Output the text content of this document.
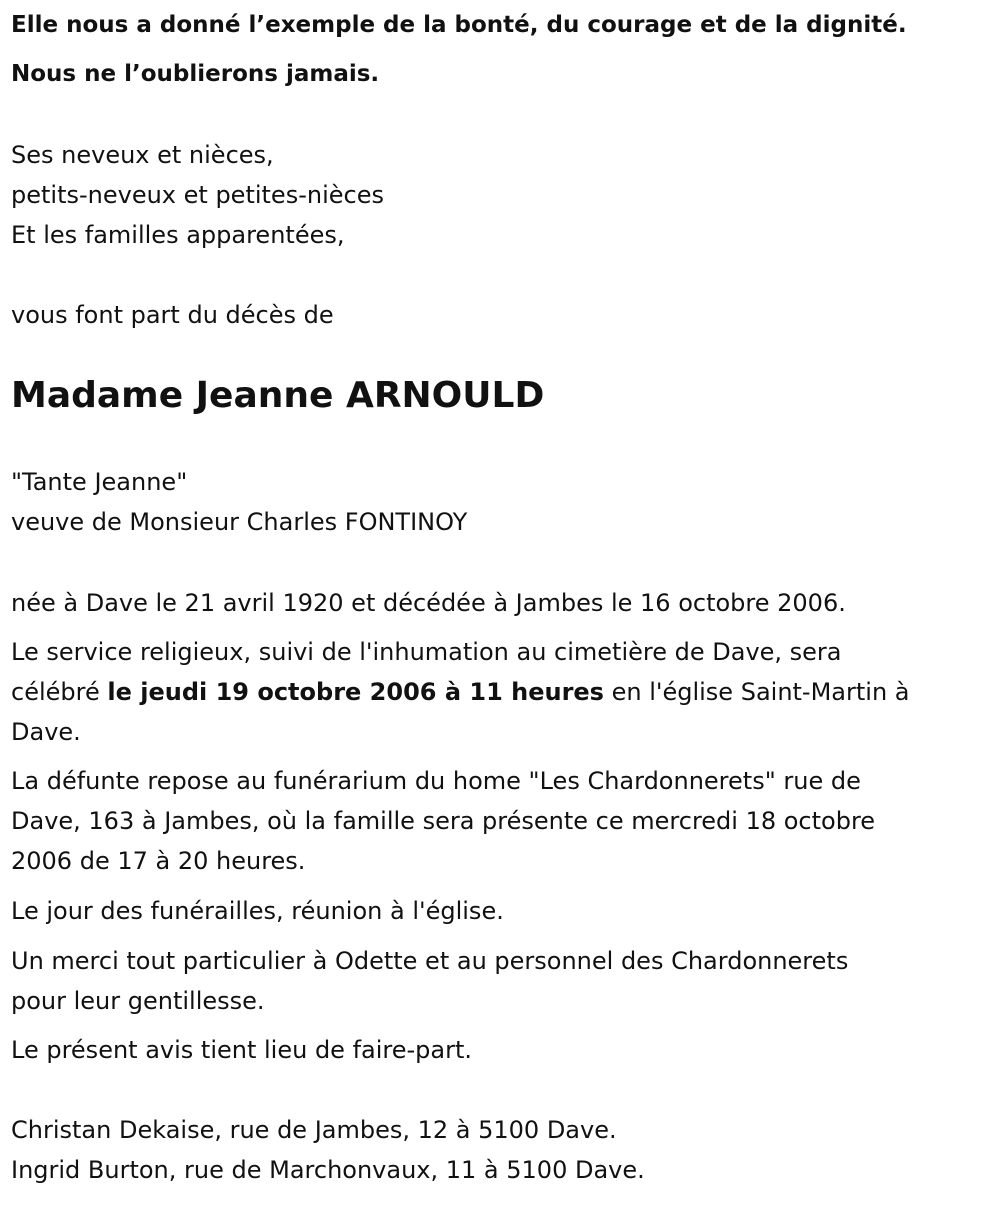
Elle nous a donné l’exemple de la bonté, du courage et de la dignité.

Nous ne l’oublierons jamais.

Ses neveux et nièces,

petits-neveux et petites-nièces

Et les familles apparentées,

vous font part du décès de

Madame Jeanne ARNOULD

"Tante Jeanne"

veuve de Monsieur Charles FONTINOY

née à Dave le 21 avril 1920 et décédée à Jambes le 16 octobre 2006.

Le service religieux, suivi de l'inhumation au cimetière de Dave, sera

célébré le jeudi 19 octobre 2006 à 11 heures en l'église Saint-Martin à

Dave.

La défunte repose au funérarium du home "Les Chardonnerets" rue de

Dave, 163 à Jambes, où la famille sera présente ce mercredi 18 octobre

2006 de 17 à 20 heures.

Le jour des funérailles, réunion à l'église.

Un merci tout particulier à Odette et au personnel des Chardonnerets

pour leur gentillesse.

Le présent avis tient lieu de faire-part.

Christan Dekaise, rue de Jambes, 12 à 5100 Dave.

Ingrid Burton, rue de Marchonvaux, 11 à 5100 Dave.
